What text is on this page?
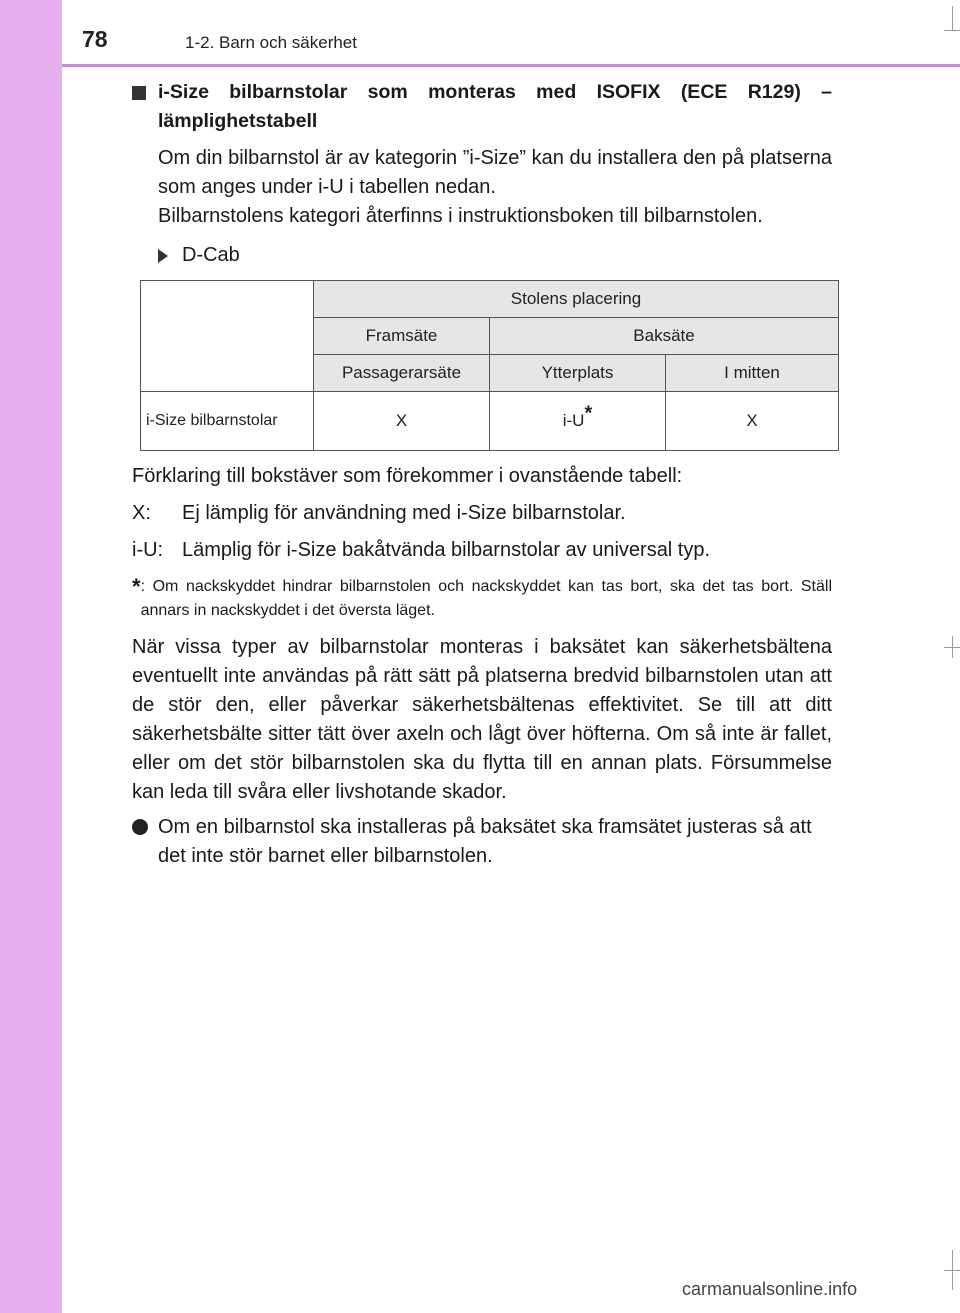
78	1-2. Barn och säkerhet
i-Size bilbarnstolar som monteras med ISOFIX (ECE R129) – lämplighetstabell

Om din bilbarnstol är av kategorin ”i-Size” kan du installera den på platserna som anges under i-U i tabellen nedan.

Bilbarnstolens kategori återfinns i instruktionsboken till bilbarnstolen.

D-Cab
	Stolens placering		
	Framsäte	Baksäte	
	Passagerarsäte	Ytterplats	I mitten
i-Size bilbarnstolar	X	i-U*	X

Förklaring till bokstäver som förekommer i ovanstående tabell:

X:	Ej lämplig för användning med i-Size bilbarnstolar.
i-U: Lämplig för i-Size bakåtvända bilbarnstolar av universal typ.
* : Om nackskyddet hindrar bilbarnstolen och nackskyddet kan tas bort, ska det tas bort. Ställ annars in nackskyddet i det översta läget.

När vissa typer av bilbarnstolar monteras i baksätet kan säkerhetsbältena eventuellt inte användas på rätt sätt på platserna bredvid bilbarnstolen utan att de stör den, eller påverkar säkerhetsbältenas effektivitet. Se till att ditt säkerhetsbälte sitter tätt över axeln och lågt över höfterna. Om så inte är fallet, eller om det stör bilbarnstolen ska du flytta till en annan plats. Försummelse kan leda till svåra eller livshotande skador.

Om en bilbarnstol ska installeras på baksätet ska framsätet justeras så att det inte stör barnet eller bilbarnstolen.
carmanualsonline.info
